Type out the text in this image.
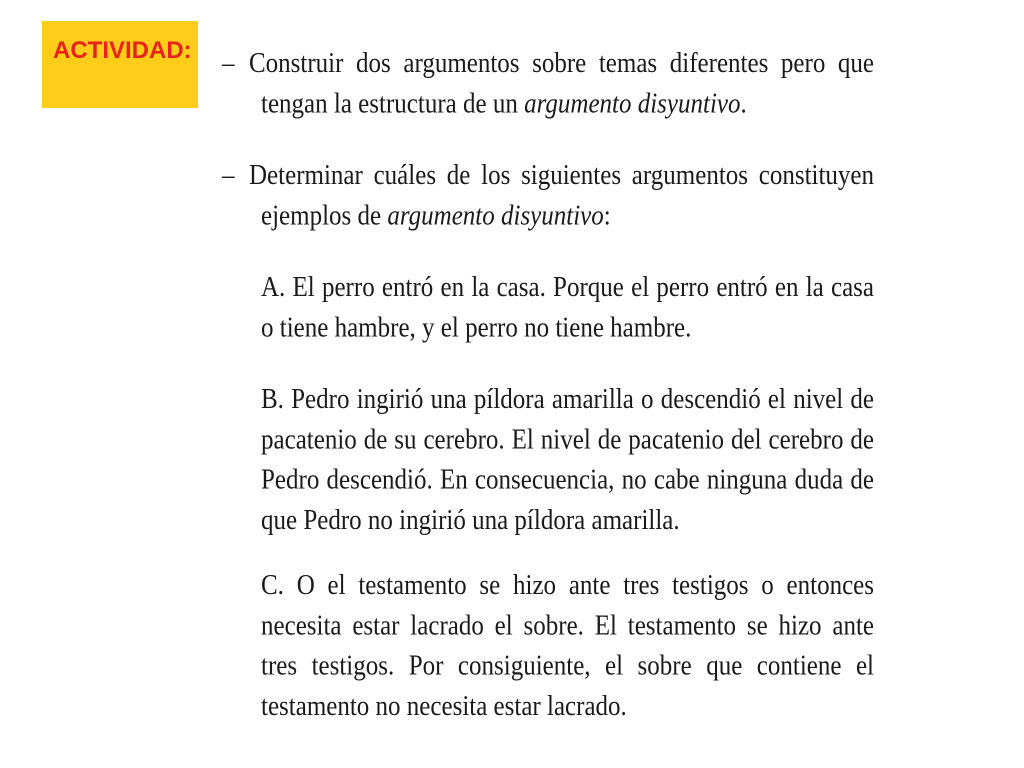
ACTIVIDAD: – Construir dos argumentos sobre temas diferentes pero que
tengan la estructura de un argumento disyuntivo.
– Determinar cuáles de los siguientes argumentos constituyen
ejemplos de argumento disyuntivo:
A. El perro entró en la casa. Porque el perro entró en la casa
o tiene hambre, y el perro no tiene hambre.
B. Pedro ingirió una píldora amarilla o descendió el nivel de
pacatenio de su cerebro. El nivel de pacatenio del cerebro de
Pedro descendió. En consecuencia, no cabe ninguna duda de
que Pedro no ingirió una píldora amarilla.
C. O el testamento se hizo ante tres testigos o entonces
necesita estar lacrado el sobre. El testamento se hizo ante
tres testigos. Por consiguiente, el sobre que contiene el
testamento no necesita estar lacrado.
